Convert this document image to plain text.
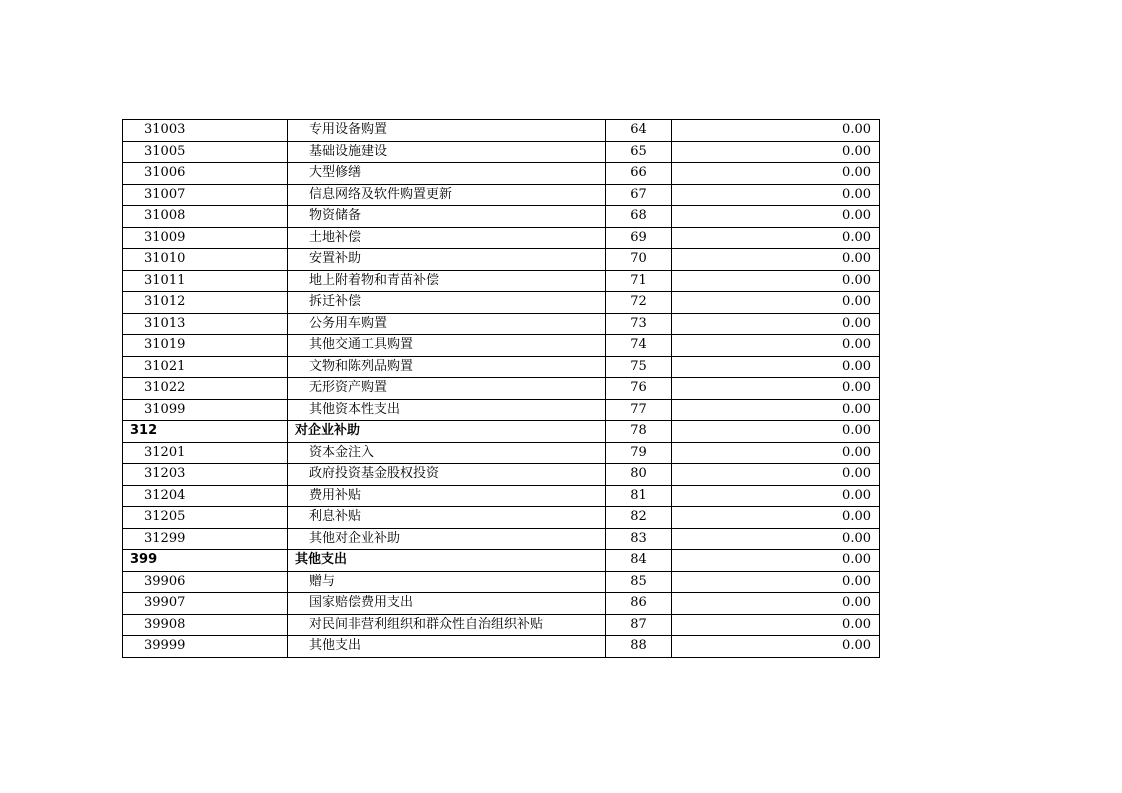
31003	专用设备购置	64	0.00
31005	基础设施建设	65	0.00
31006	大型修缮	66	0.00
31007	信息网络及软件购置更新	67	0.00
31008	物资储备	68	0.00
31009	土地补偿	69	0.00
31010	安置补助	70	0.00
31011	地上附着物和青苗补偿	71	0.00
31012	拆迁补偿	72	0.00
31013	公务用车购置	73	0.00
31019	其他交通工具购置	74	0.00
31021	文物和陈列品购置	75	0.00
31022	无形资产购置	76	0.00
31099	其他资本性支出	77	0.00
312	对企业补助	78	0.00
31201	资本金注入	79	0.00
31203	政府投资基金股权投资	80	0.00
31204	费用补贴	81	0.00
31205	利息补贴	82	0.00
31299	其他对企业补助	83	0.00
399	其他支出	84	0.00
39906	赠与	85	0.00
39907	国家赔偿费用支出	86	0.00
39908	对民间非营利组织和群众性自治组织补贴	87	0.00
39999	其他支出	88	0.00
